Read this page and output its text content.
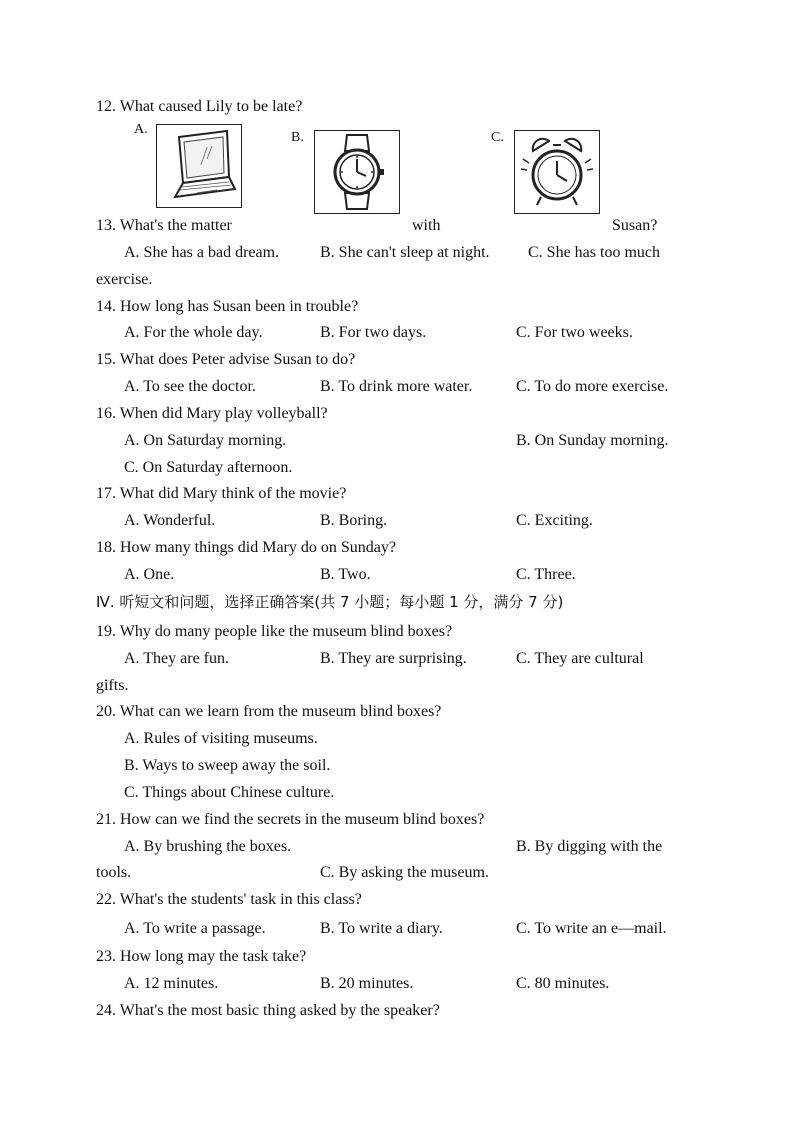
12. What caused Lily to be late?
A.
B.	C.
13. What's the matter	with	Susan?
A. She has a bad dream.	B. She can't sleep at night. C. She has too much
exercise.
14. How long has Susan been in trouble?
A. For the whole day.	B. For two days.	C. For two weeks.
15. What does Peter advise Susan to do?
A. To see the doctor.	B. To drink more water.	C. To do more exercise.
16. When did Mary play volleyball?
A. On Saturday morning.	B. On Sunday morning.
C. On Saturday afternoon.
17. What did Mary think of the movie?
A. Wonderful.	B. Boring.	C. Exciting.
18. How many things did Mary do on Sunday?
A. One.	B. Two.	C. Three.
Ⅳ. 听短文和问题，选择正确答案(共 7 小题；每小题 1 分，满分 7 分)
19. Why do many people like the museum blind boxes?
A. They are fun.	B. They are surprising.	C. They are cultural
gifts.
20. What can we learn from the museum blind boxes?
A. Rules of visiting museums.
B. Ways to sweep away the soil.
C. Things about Chinese culture.
21. How can we find the secrets in the museum blind boxes?
A. By brushing the boxes.	B. By digging with the
tools.	C. By asking the museum.
22. What's the students' task in this class?
A. To write a passage.	B. To write a diary.	C. To write an e—mail.
23. How long may the task take?
A. 12 minutes.	B. 20 minutes.	C. 80 minutes.
24. What's the most basic thing asked by the speaker?
